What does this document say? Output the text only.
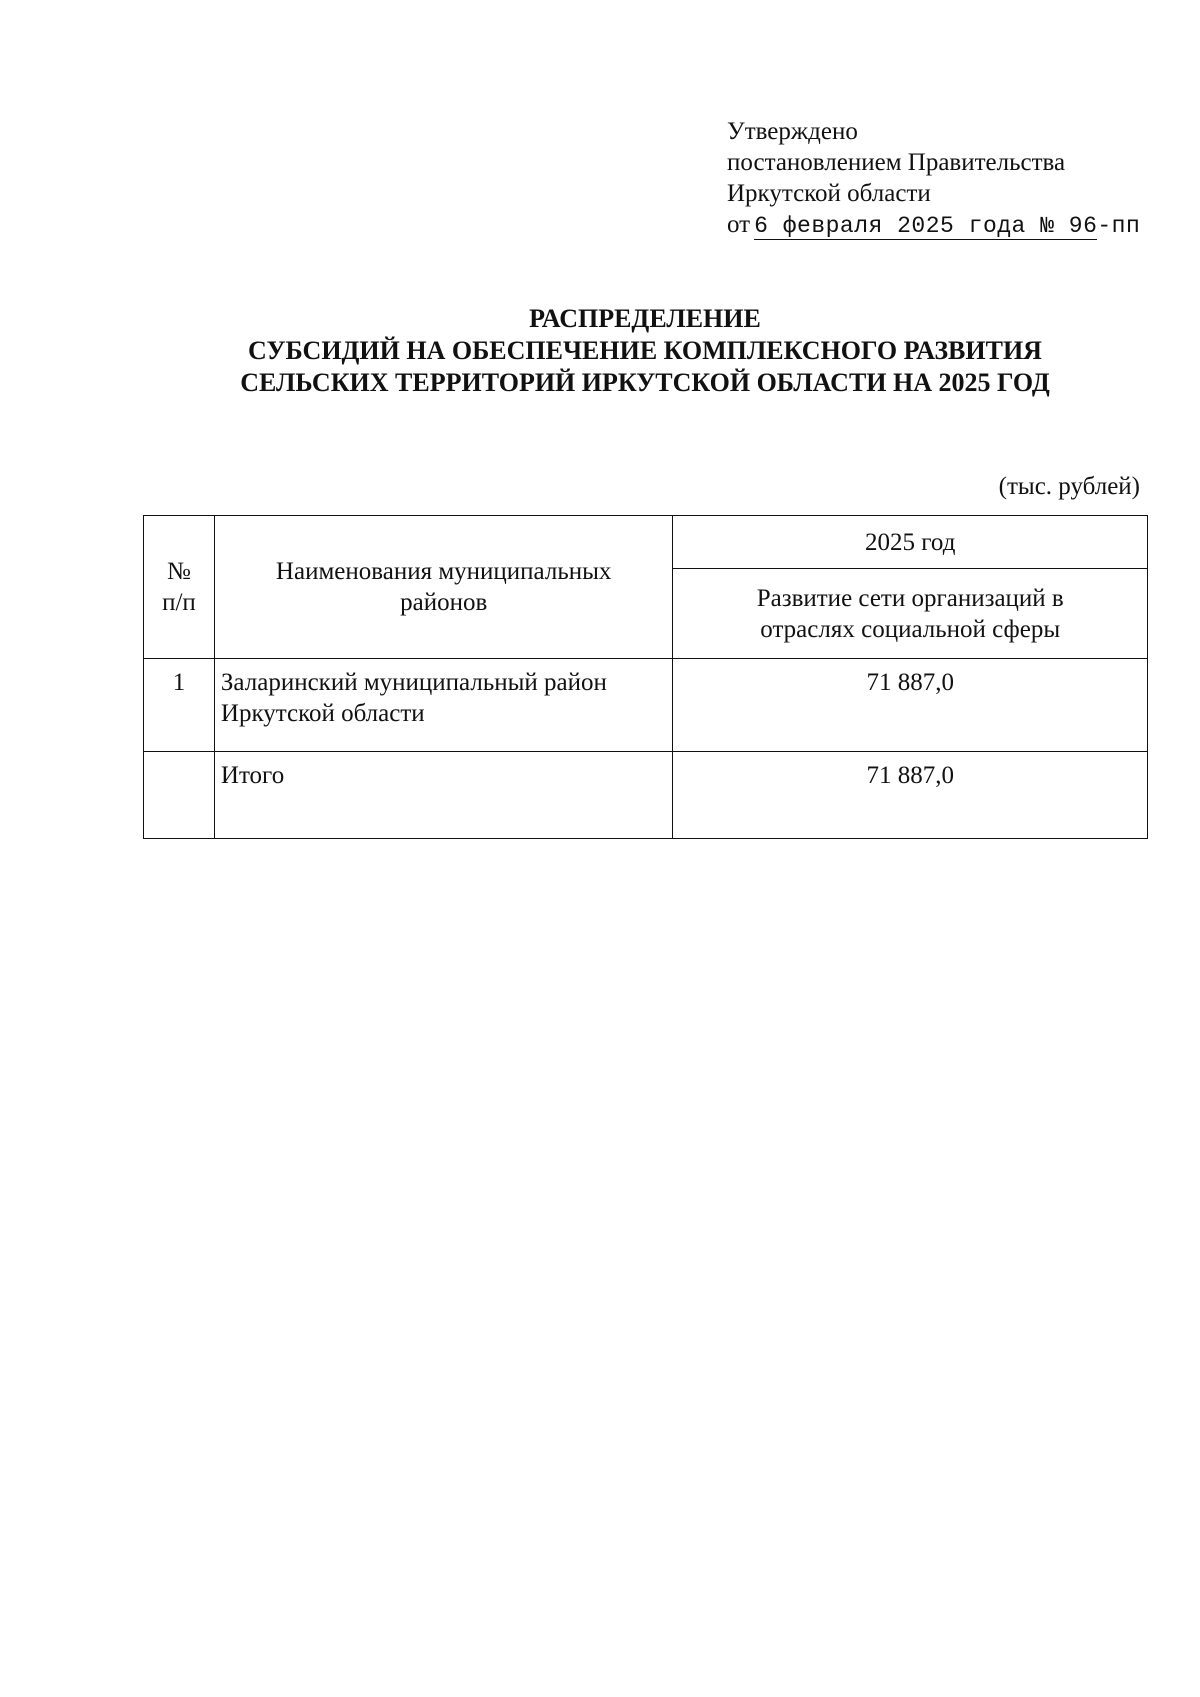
Утверждено
постановлением Правительства
Иркутской области
от 6 февраля 2025 года № 96-пп
РАСПРЕДЕЛЕНИЕ
СУБСИДИЙ НА ОБЕСПЕЧЕНИЕ КОМПЛЕКСНОГО РАЗВИТИЯ
СЕЛЬСКИХ ТЕРРИТОРИЙ ИРКУТСКОЙ ОБЛАСТИ НА 2025 ГОД
(тыс. рублей)
№
п/п	Наименования муниципальных районов	2025 год

		Развитие сети организаций в отраслях социальной сферы

1	Заларинский муниципальный район Иркутской области	71 887,0
	Итого	71 887,0
